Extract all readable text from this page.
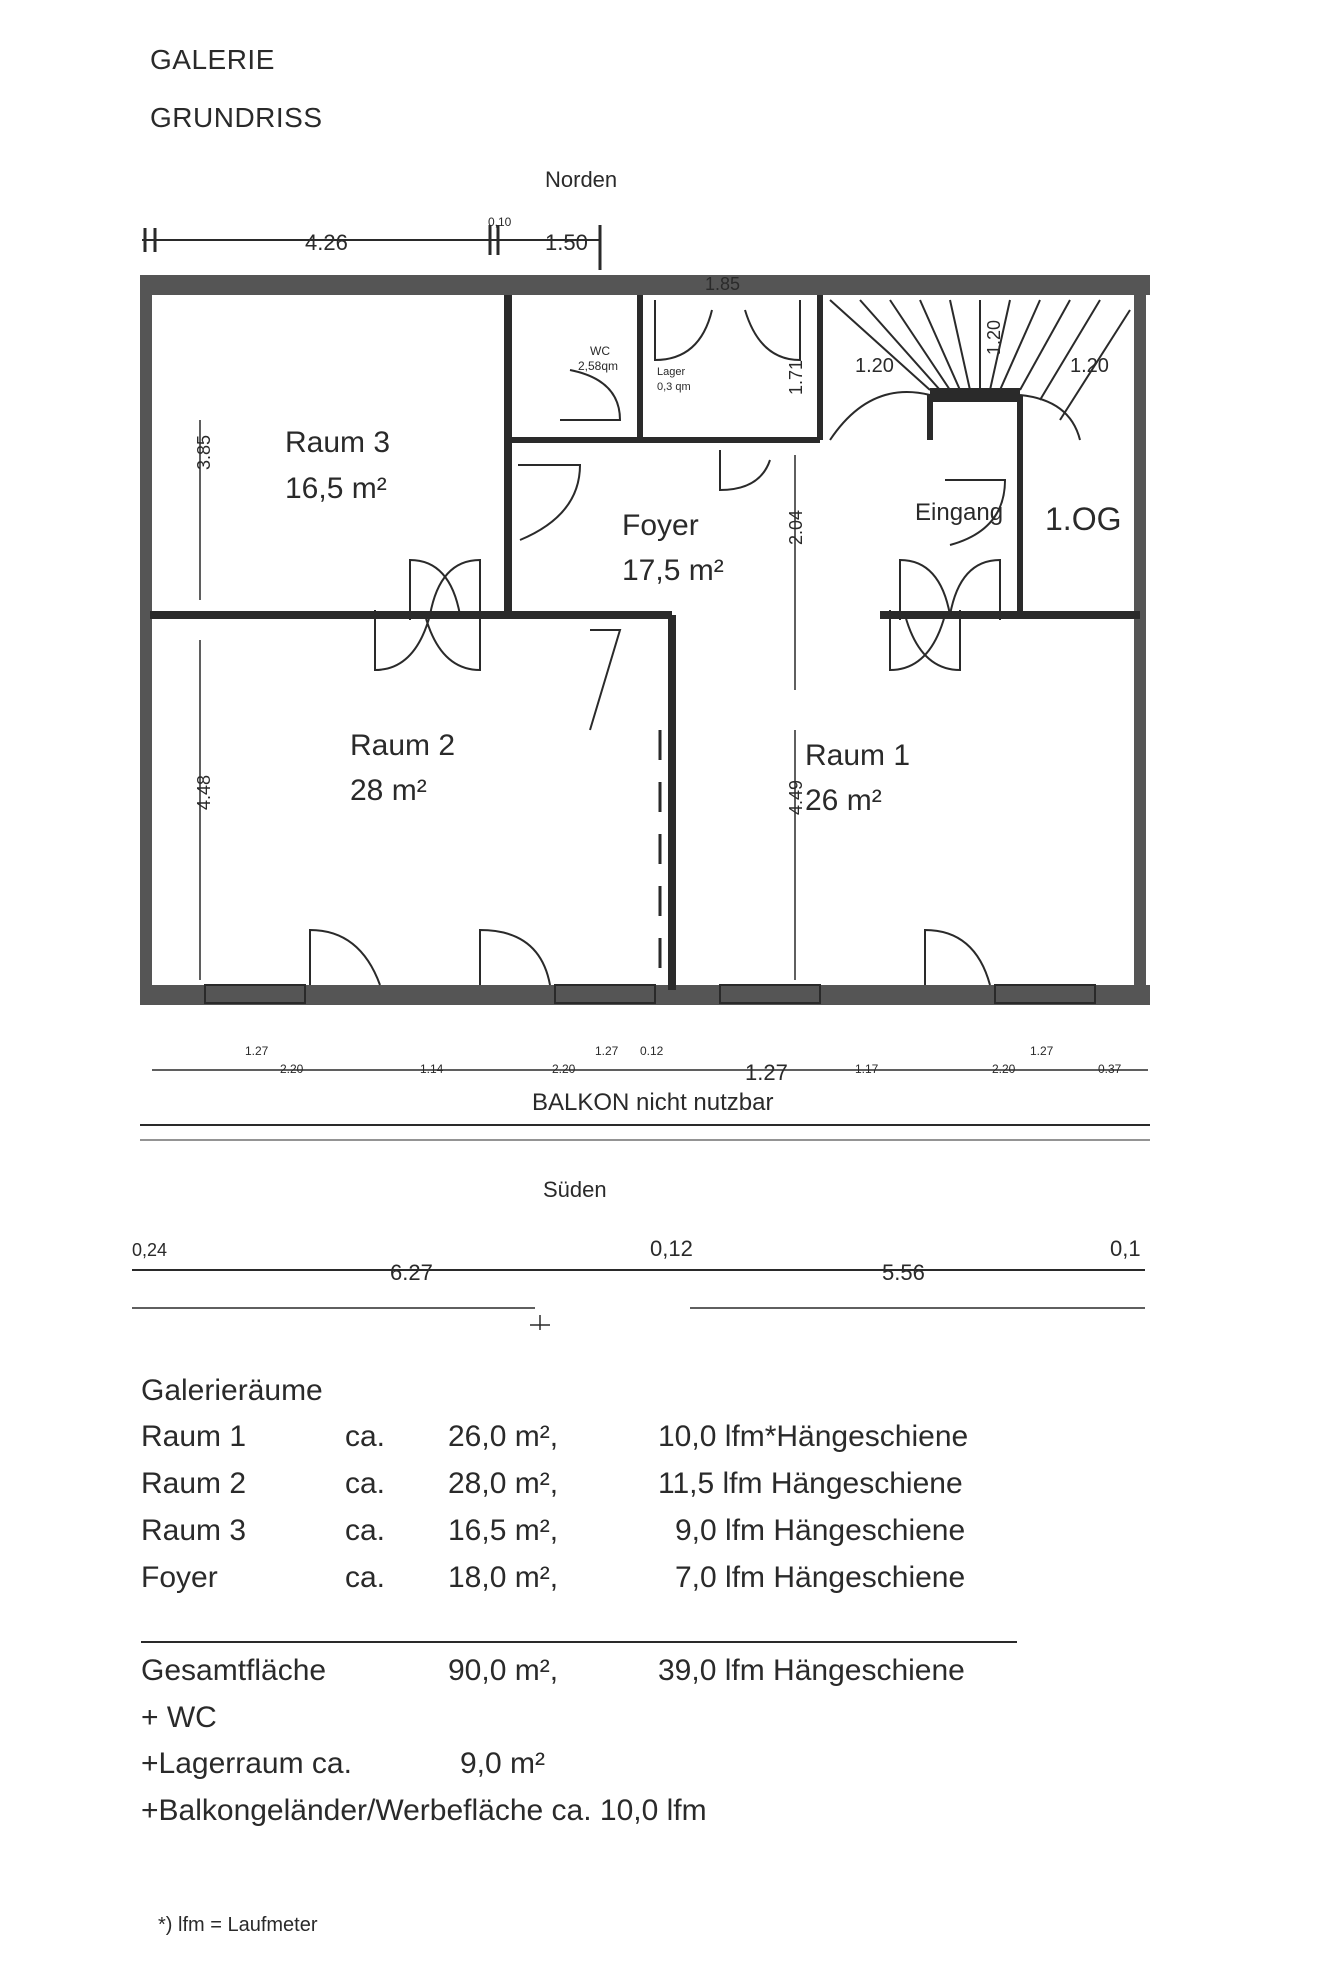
GALERIE
GRUNDRISS
Norden
4.26
0,10
1.50
Raum 3
16,5 m²
Foyer
17,5 m²
Raum 2
28 m²
Raum 1
26 m²
WC
2,58qm	Lager
0,3 qm
Eingang 1.OG
1.85
1.20	1.20
1.20
3.85
4.48
2.04
1.71
4.49
1.27
2.20	1.14	2.20
1.27 0.12
1.27	1.17
1.27
2.20	0.37
BALKON nicht nutzbar
Süden
0,24
6.27
0,12
5.56
0,1
Galerieräume
Raum 1	ca. 26,0 m²,	10,0 lfm*Hängeschiene
Raum 2	ca. 28,0 m²,	11,5 lfm Hängeschiene
Raum 3	ca. 16,5 m²,	9,0 lfm Hängeschiene
Foyer	ca. 18,0 m²,	7,0 lfm Hängeschiene
Gesamtfläche	90,0 m²,	39,0 lfm Hängeschiene
+ WC
+Lagerraum ca.	9,0 m²
+Balkongeländer/Werbefläche ca. 10,0 lfm
*) lfm = Laufmeter
